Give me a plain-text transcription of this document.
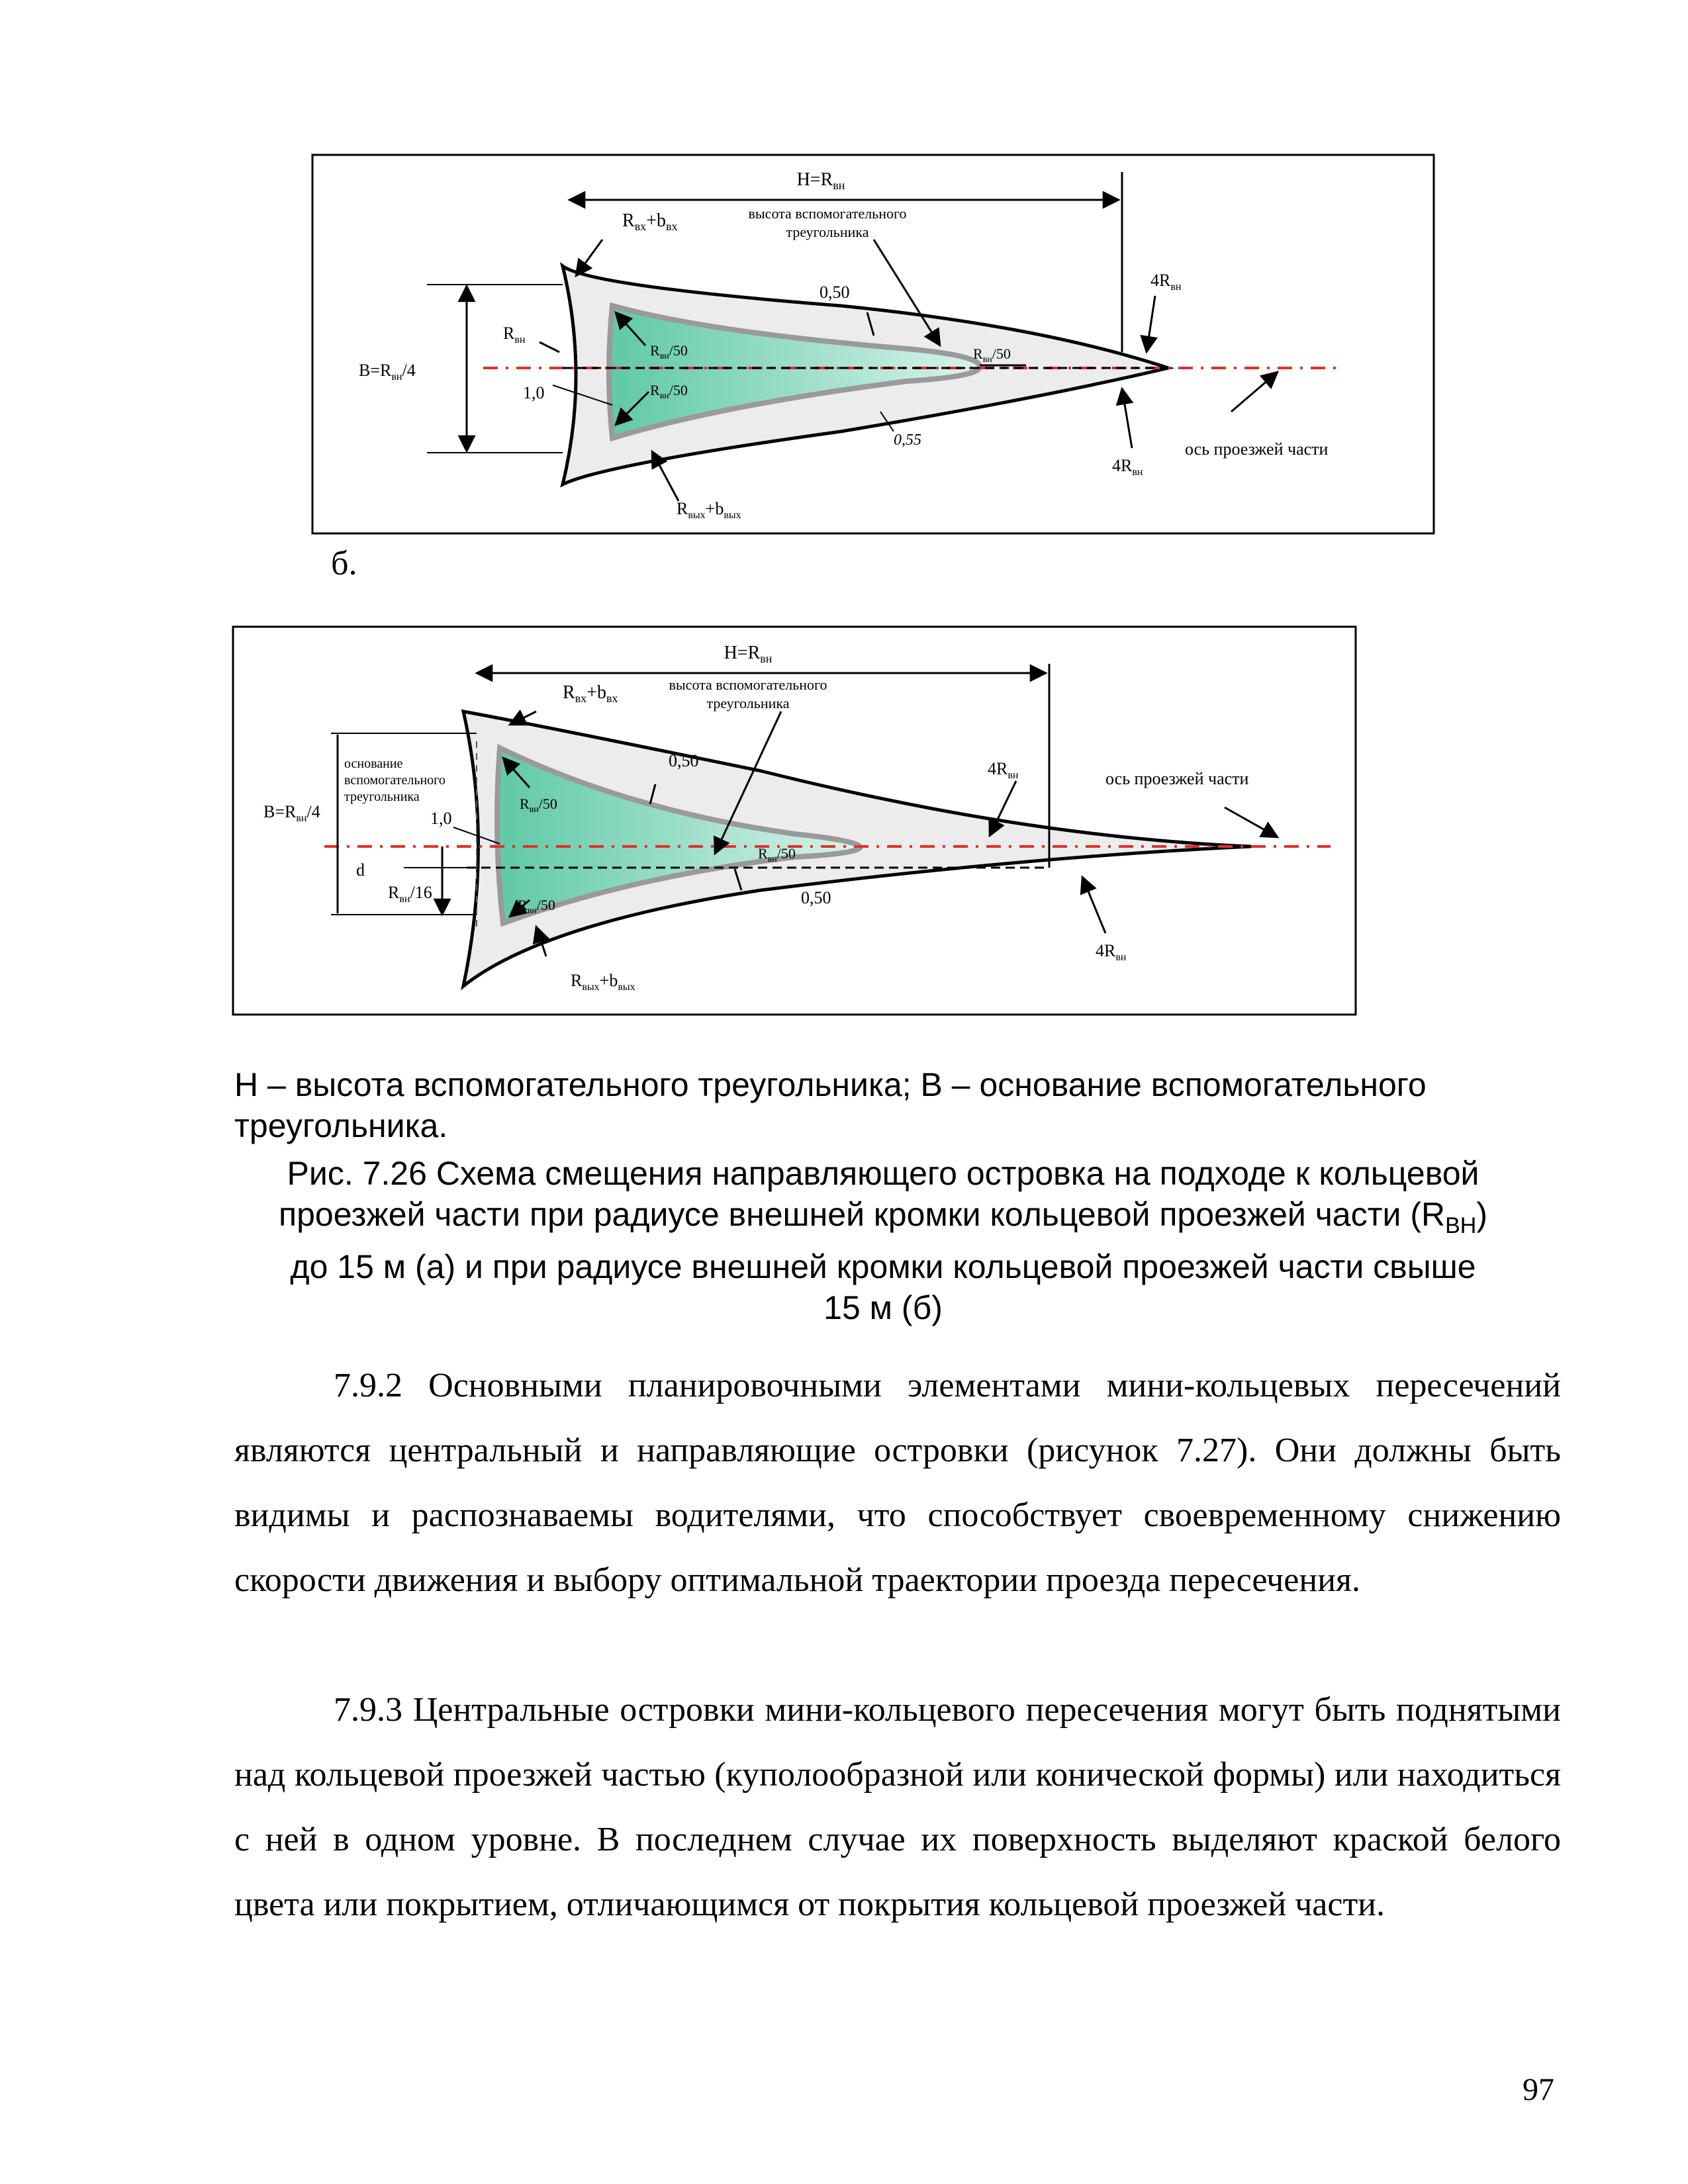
$H=R_{вн}$
высота вспомогательного
треугольника
$R_{вх}+b_{вх}$
0,50
$4R_{вн}$
$4R_{вн}$
$R_{вн}$
$B=R_{вн}/4$
1,0
$R_{вн}/50$
$R_{вн}/50$
$R_{вн}/50$
0,55	ось проезжей части
$R_{вых}+b_{вых}$
б.
$H=R_{вн}$
высота вспомогательного
треугольника
$R_{вх}+b_{вх}$
основание
вспомогательного
треугольника
0,50
0,50
$4R_{вн}$
$4R_{вн}$
ось проезжей части
$B=R_{вн}/4$	1,0
$R_{вн}/50$
$R_{вн}/50$
$R_{вн}/50$
d
$R_{вн}/16$
$R_{вых}+b_{вых}$
H – высота вспомогательного треугольника; B – основание вспомогательного треугольника.
Рис. 7.26 Схема смещения направляющего островка на подходе к кольцевой
проезжей части при радиусе внешней кромки кольцевой проезжей части $(R_{ВН})$
до 15 м (а) и при радиусе внешней кромки кольцевой проезжей части свыше
15 м (б)
7.9.2 Основными планировочными элементами мини-кольцевых пересечений являются центральный и направляющие островки (рисунок 7.27). Они должны быть видимы и распознаваемы водителями, что способствует своевременному снижению скорости движения и выбору оптимальной траектории проезда пересечения.
7.9.3 Центральные островки мини-кольцевого пересечения могут быть поднятыми над кольцевой проезжей частью (куполообразной или конической формы) или находиться с ней в одном уровне. В последнем случае их поверхность выделяют краской белого цвета или покрытием, отличающимся от покрытия кольцевой проезжей части.
97
